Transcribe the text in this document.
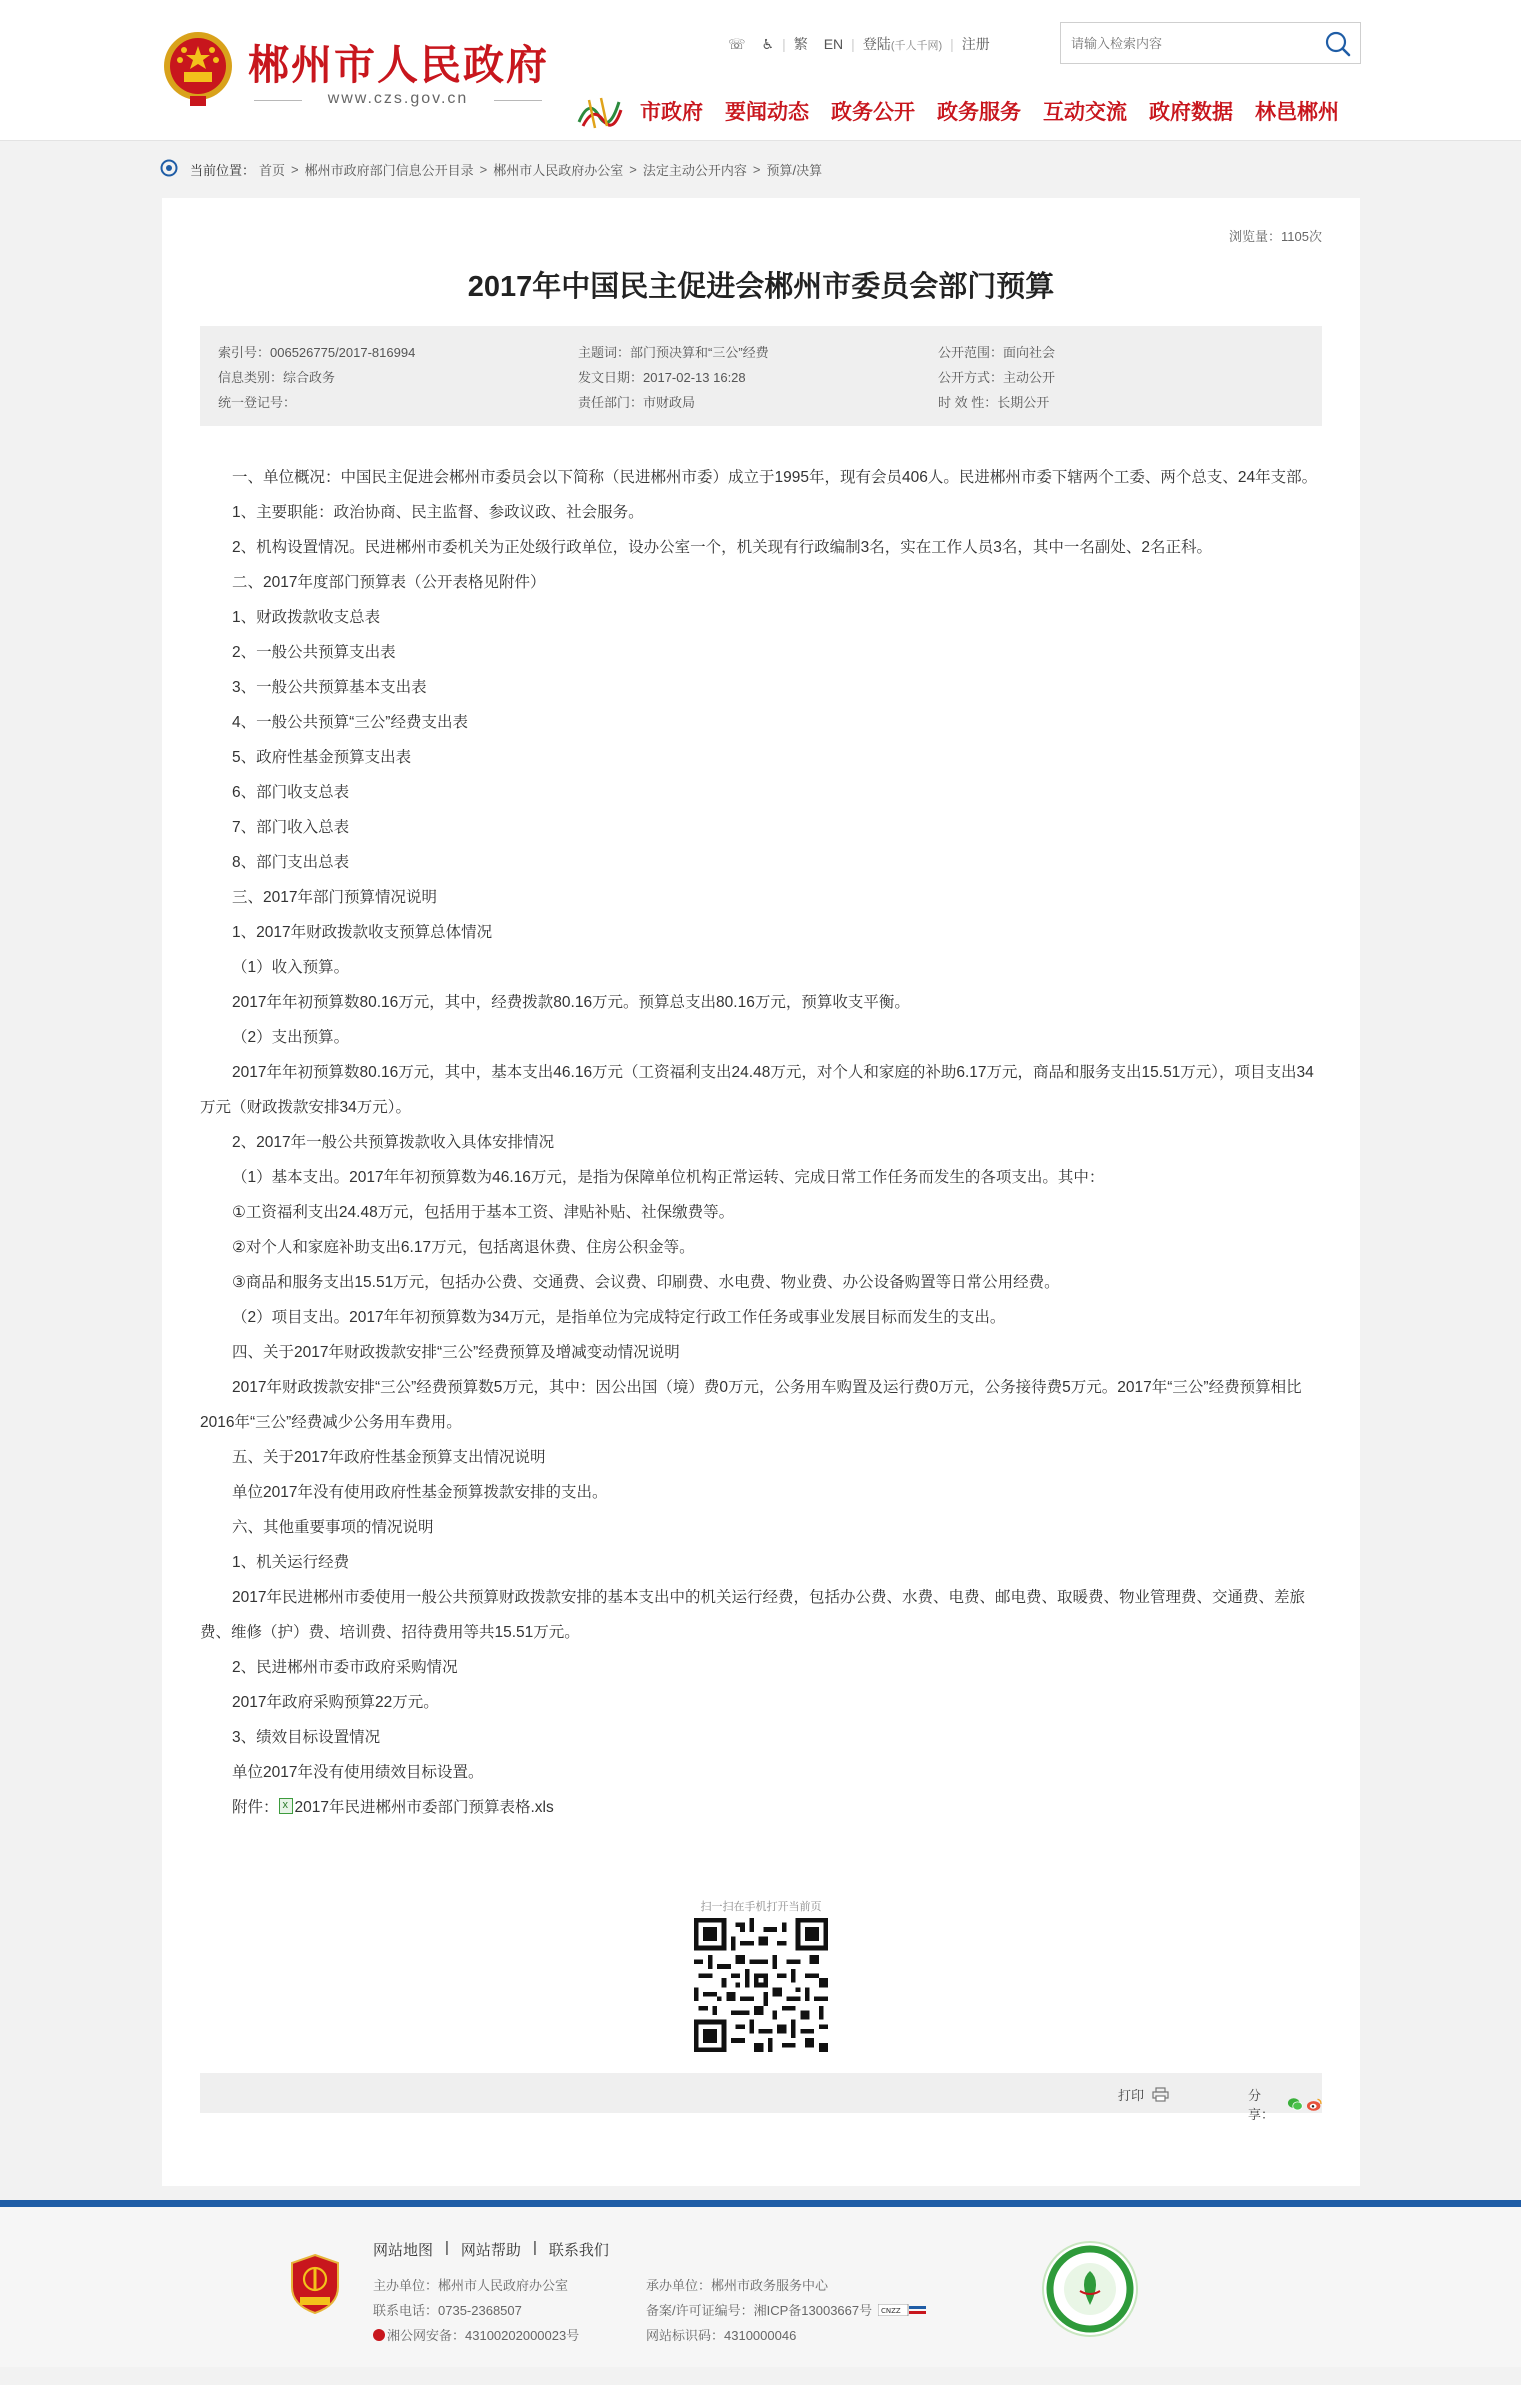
郴州市人民政府
www.czs.gov.cn
☏	♿ | 繁	EN | 登陆(千人千网) | 注册
请输入检索内容
市政府 要闻动态 政务公开 政务服务 互动交流 政府数据 林邑郴州
当前位置： 首页 > 郴州市政府部门信息公开目录 > 郴州市人民政府办公室 > 法定主动公开内容 > 预算/决算
浏览量：1105次
2017年中国民主促进会郴州市委员会部门预算
索引号：006526775/2017-816994	主题词：部门预决算和“三公”经费	公开范围：面向社会
信息类别：综合政务	发文日期：2017-02-13 16:28	公开方式：主动公开
统一登记号：	责任部门：市财政局	时 效 性：长期公开

一、单位概况：中国民主促进会郴州市委员会以下简称（民进郴州市委）成立于1995年，现有会员406人。民进郴州市委下辖两个工委、两个总支、24年支部。

1、主要职能：政治协商、民主监督、参政议政、社会服务。

2、机构设置情况。民进郴州市委机关为正处级行政单位，设办公室一个，机关现有行政编制3名，实在工作人员3名，其中一名副处、2名正科。

二、2017年度部门预算表（公开表格见附件）

1、财政拨款收支总表

2、一般公共预算支出表

3、一般公共预算基本支出表

4、一般公共预算“三公”经费支出表

5、政府性基金预算支出表

6、部门收支总表

7、部门收入总表

8、部门支出总表

三、2017年部门预算情况说明

1、2017年财政拨款收支预算总体情况

（1）收入预算。

2017年年初预算数80.16万元，其中，经费拨款80.16万元。预算总支出80.16万元，预算收支平衡。

（2）支出预算。

2017年年初预算数80.16万元，其中，基本支出46.16万元（工资福利支出24.48万元，对个人和家庭的补助6.17万元，商品和服务支出15.51万元），项目支出34万元（财政拨款安排34万元）。

2、2017年一般公共预算拨款收入具体安排情况

（1）基本支出。2017年年初预算数为46.16万元，是指为保障单位机构正常运转、完成日常工作任务而发生的各项支出。其中：

①工资福利支出24.48万元，包括用于基本工资、津贴补贴、社保缴费等。

②对个人和家庭补助支出6.17万元，包括离退休费、住房公积金等。

③商品和服务支出15.51万元，包括办公费、交通费、会议费、印刷费、水电费、物业费、办公设备购置等日常公用经费。

（2）项目支出。2017年年初预算数为34万元，是指单位为完成特定行政工作任务或事业发展目标而发生的支出。

四、关于2017年财政拨款安排“三公”经费预算及增减变动情况说明

2017年财政拨款安排“三公”经费预算数5万元，其中：因公出国（境）费0万元，公务用车购置及运行费0万元，公务接待费5万元。2017年“三公”经费预算相比2016年“三公”经费减少公务用车费用。

五、关于2017年政府性基金预算支出情况说明

单位2017年没有使用政府性基金预算拨款安排的支出。

六、其他重要事项的情况说明

1、机关运行经费

2017年民进郴州市委使用一般公共预算财政拨款安排的基本支出中的机关运行经费，包括办公费、水费、电费、邮电费、取暖费、物业管理费、交通费、差旅费、维修（护）费、培训费、招待费用等共15.51万元。

2、民进郴州市委市政府采购情况

2017年政府采购预算22万元。

3、绩效目标设置情况

单位2017年没有使用绩效目标设置。

附件：x 2017年民进郴州市委部门预算表格.xls

扫一扫在手机打开当前页
打印	分享：
网站地图 | 网站帮助 | 联系我们
主办单位：郴州市人民政府办公室	承办单位：郴州市政务服务中心
联系电话：0735-2368507	备案/许可证编号：湘ICP备13003667号 CNZZ
湘公网安备：43100202000023号	网站标识码：4310000046
